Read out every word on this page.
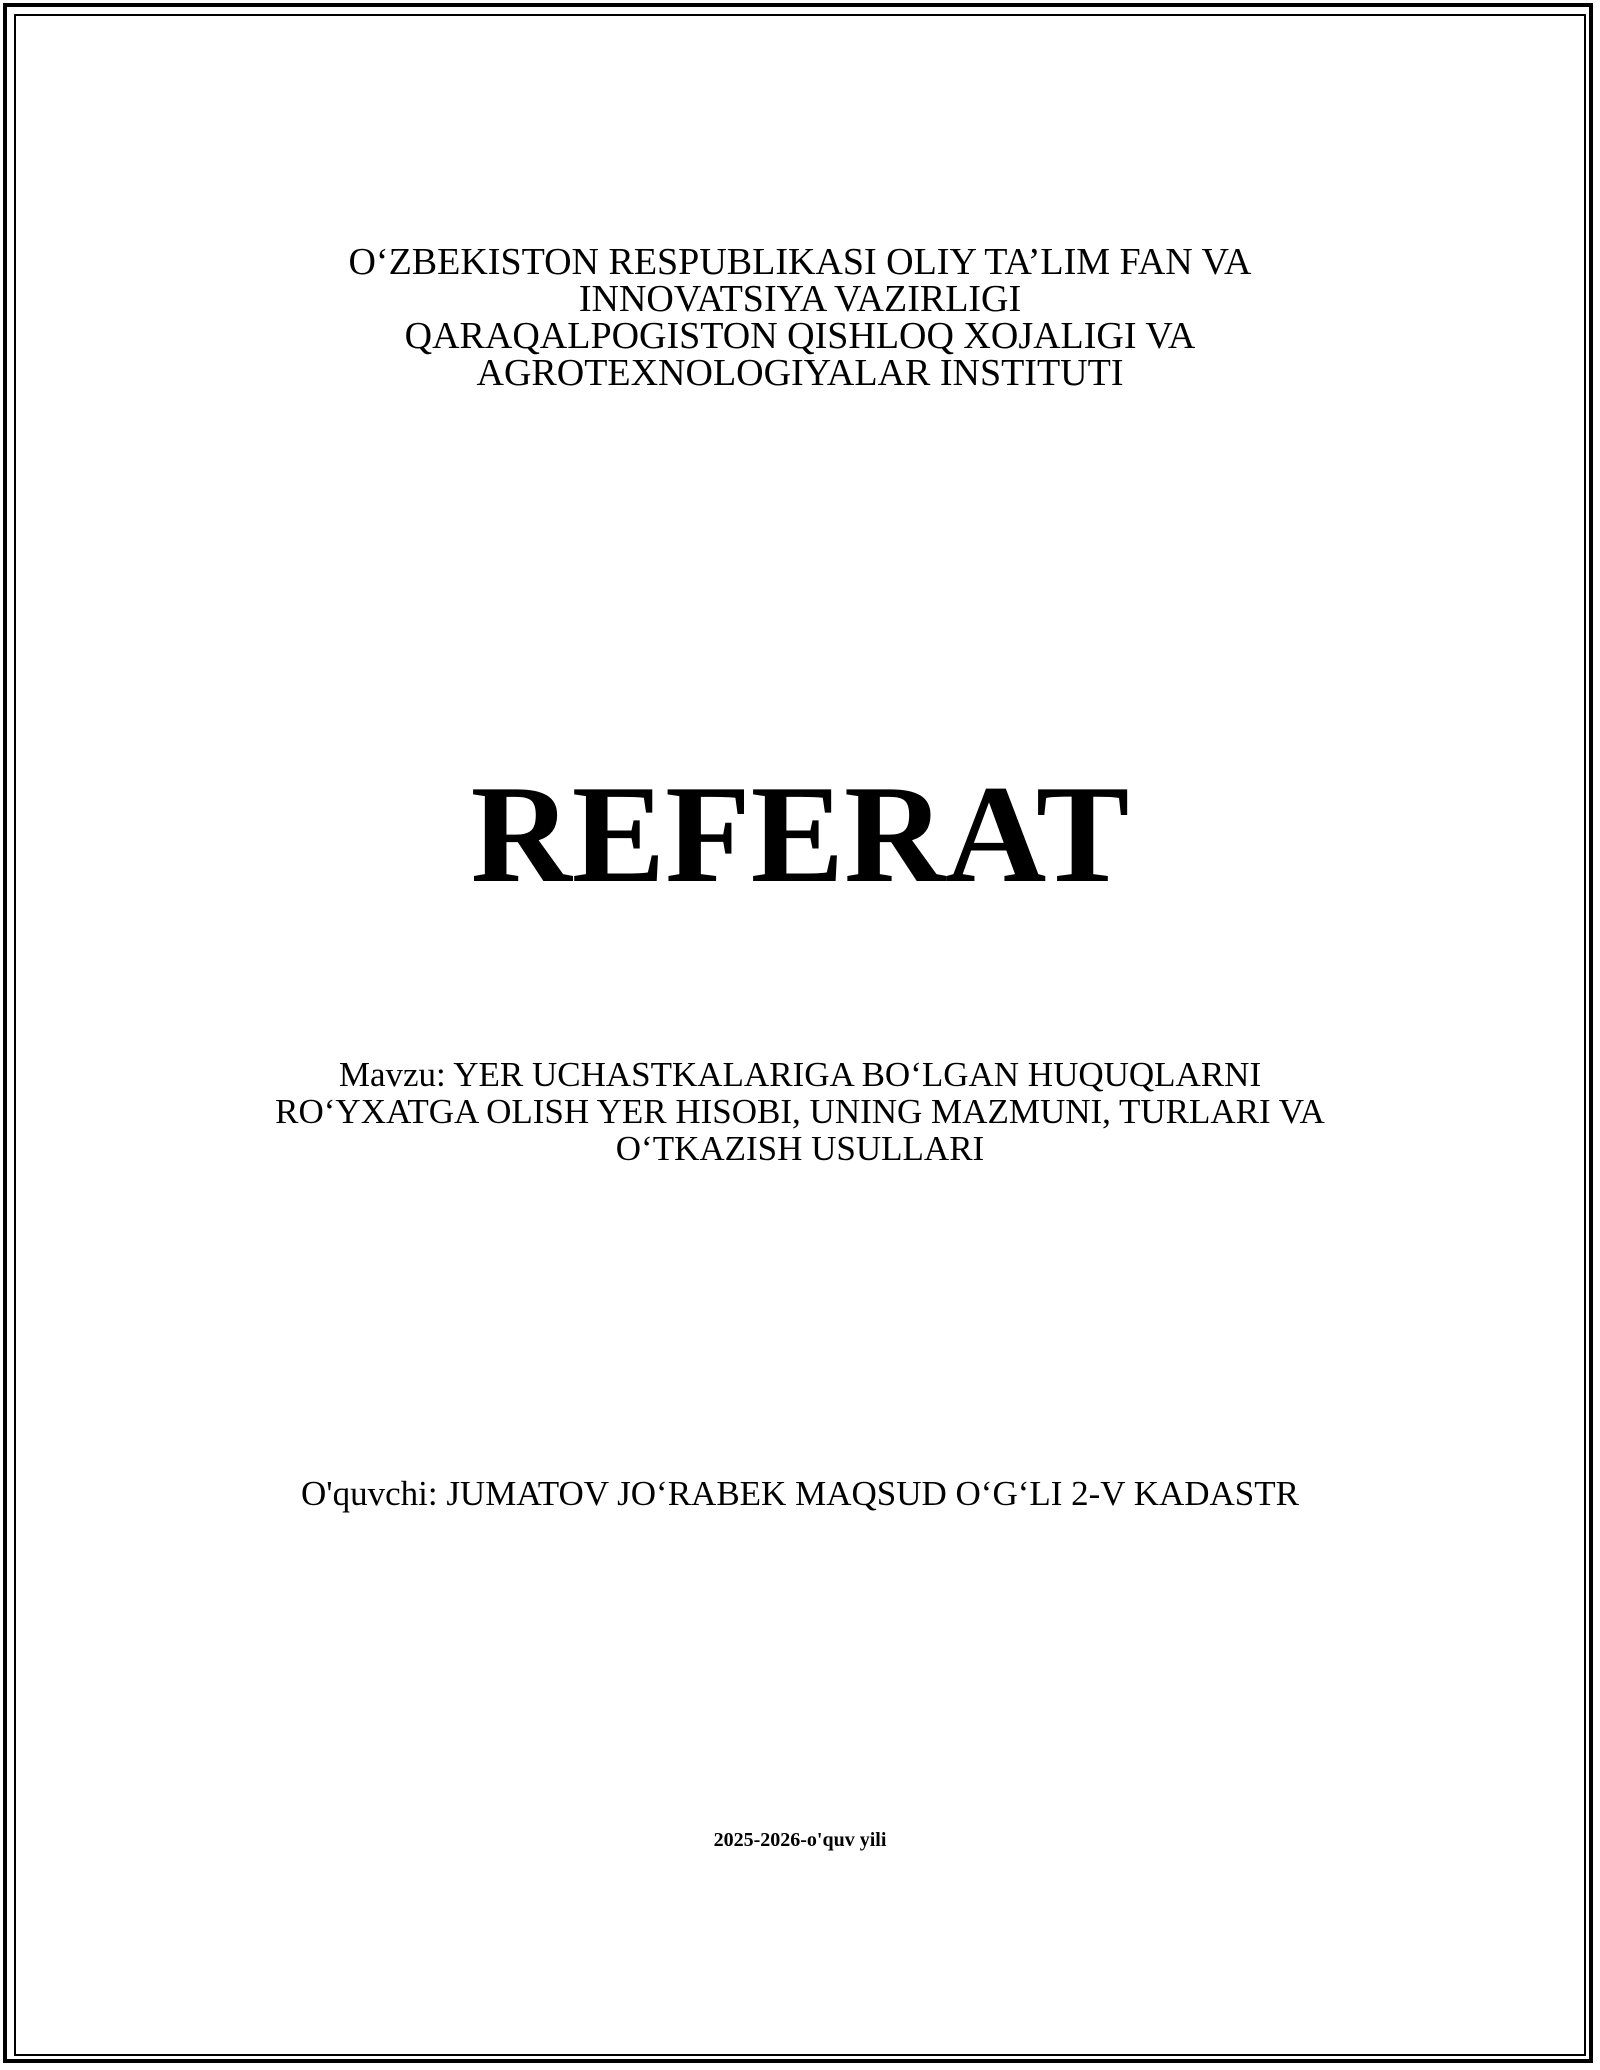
O‘ZBEKISTON RESPUBLIKASI OLIY TA’LIM FAN VA
INNOVATSIYA VAZIRLIGI
QARAQALPOGISTON QISHLOQ XOJALIGI VA
AGROTEXNOLOGIYALAR INSTITUTI
REFERAT
Mavzu: YER UCHASTKALARIGA BO‘LGAN HUQUQLARNI
RO‘YXATGA OLISH YER HISOBI, UNING MAZMUNI, TURLARI VA
O‘TKAZISH USULLARI
O'quvchi: JUMATOV JO‘RABEK MAQSUD O‘G‘LI 2-V KADASTR
2025-2026-o'quv yili
